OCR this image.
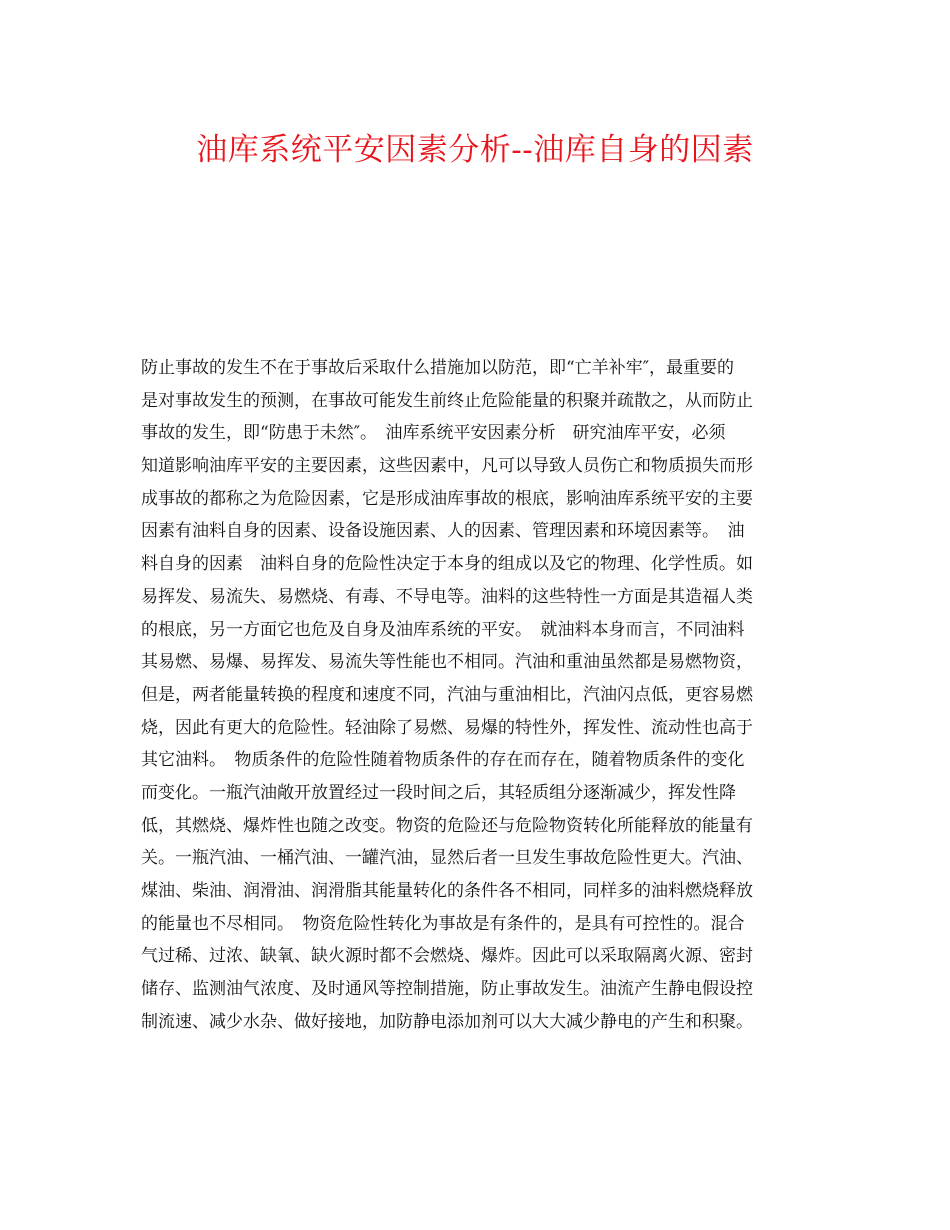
油库系统平安因素分析--油库自身的因素
防止事故的发生不在于事故后采取什么措施加以防范，即“亡羊补牢″，最重要的
是对事故发生的预测，在事故可能发生前终止危险能量的积聚并疏散之，从而防止
事故的发生，即“防患于未然″。　油库系统平安因素分析　研究油库平安，必须
知道影响油库平安的主要因素，这些因素中，凡可以导致人员伤亡和物质损失而形
成事故的都称之为危险因素，它是形成油库事故的根底，影响油库系统平安的主要
因素有油料自身的因素、设备设施因素、人的因素、管理因素和环境因素等。　油
料自身的因素　油料自身的危险性决定于本身的组成以及它的物理、化学性质。如
易挥发、易流失、易燃烧、有毒、不导电等。油料的这些特性一方面是其造福人类
的根底，另一方面它也危及自身及油库系统的平安。　就油料本身而言，不同油料
其易燃、易爆、易挥发、易流失等性能也不相同。汽油和重油虽然都是易燃物资，
但是，两者能量转换的程度和速度不同，汽油与重油相比，汽油闪点低，更容易燃
烧，因此有更大的危险性。轻油除了易燃、易爆的特性外，挥发性、流动性也高于
其它油料。　物质条件的危险性随着物质条件的存在而存在，随着物质条件的变化
而变化。一瓶汽油敞开放置经过一段时间之后，其轻质组分逐渐减少，挥发性降
低，其燃烧、爆炸性也随之改变。物资的危险还与危险物资转化所能释放的能量有
关。一瓶汽油、一桶汽油、一罐汽油，显然后者一旦发生事故危险性更大。汽油、
煤油、柴油、润滑油、润滑脂其能量转化的条件各不相同，同样多的油料燃烧释放
的能量也不尽相同。　物资危险性转化为事故是有条件的，是具有可控性的。混合
气过稀、过浓、缺氧、缺火源时都不会燃烧、爆炸。因此可以采取隔离火源、密封
储存、监测油气浓度、及时通风等控制措施，防止事故发生。油流产生静电假设控
制流速、减少水杂、做好接地，加防静电添加剂可以大大减少静电的产生和积聚。
